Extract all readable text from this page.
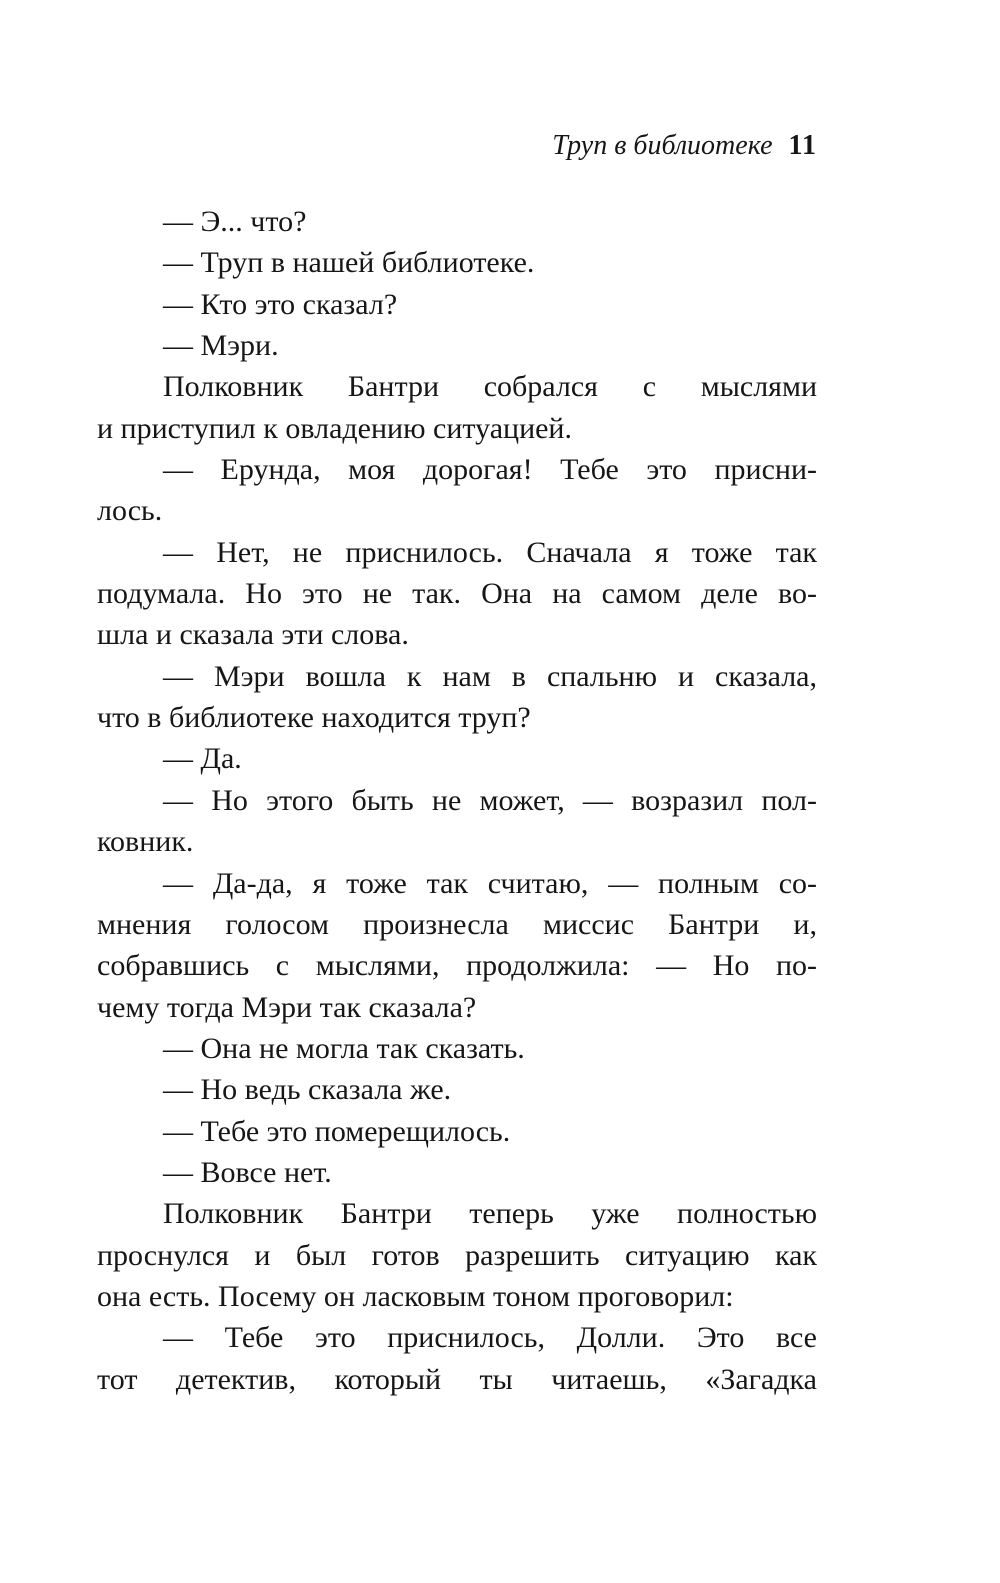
Труп в библиотеке 11
— Э... что?
— Труп в нашей библиотеке.
— Кто это сказал?
— Мэри.
Полковник Бантри собрался с мыслями
и приступил к овладению ситуацией.
— Ерунда, моя дорогая! Тебе это присни-
лось.
— Нет, не приснилось. Сначала я тоже так
подумала. Но это не так. Она на самом деле во-
шла и сказала эти слова.
— Мэри вошла к нам в спальню и сказала,
что в библиотеке находится труп?
— Да.
— Но этого быть не может, — возразил пол-
ковник.
— Да-да, я тоже так считаю, — полным со-
мнения голосом произнесла миссис Бантри и,
собравшись с мыслями, продолжила: — Но по-
чему тогда Мэри так сказала?
— Она не могла так сказать.
— Но ведь сказала же.
— Тебе это померещилось.
— Вовсе нет.
Полковник Бантри теперь уже полностью
проснулся и был готов разрешить ситуацию как
она есть. Посему он ласковым тоном проговорил:
— Тебе это приснилось, Долли. Это все
тот детектив, который ты читаешь, «Загадка
